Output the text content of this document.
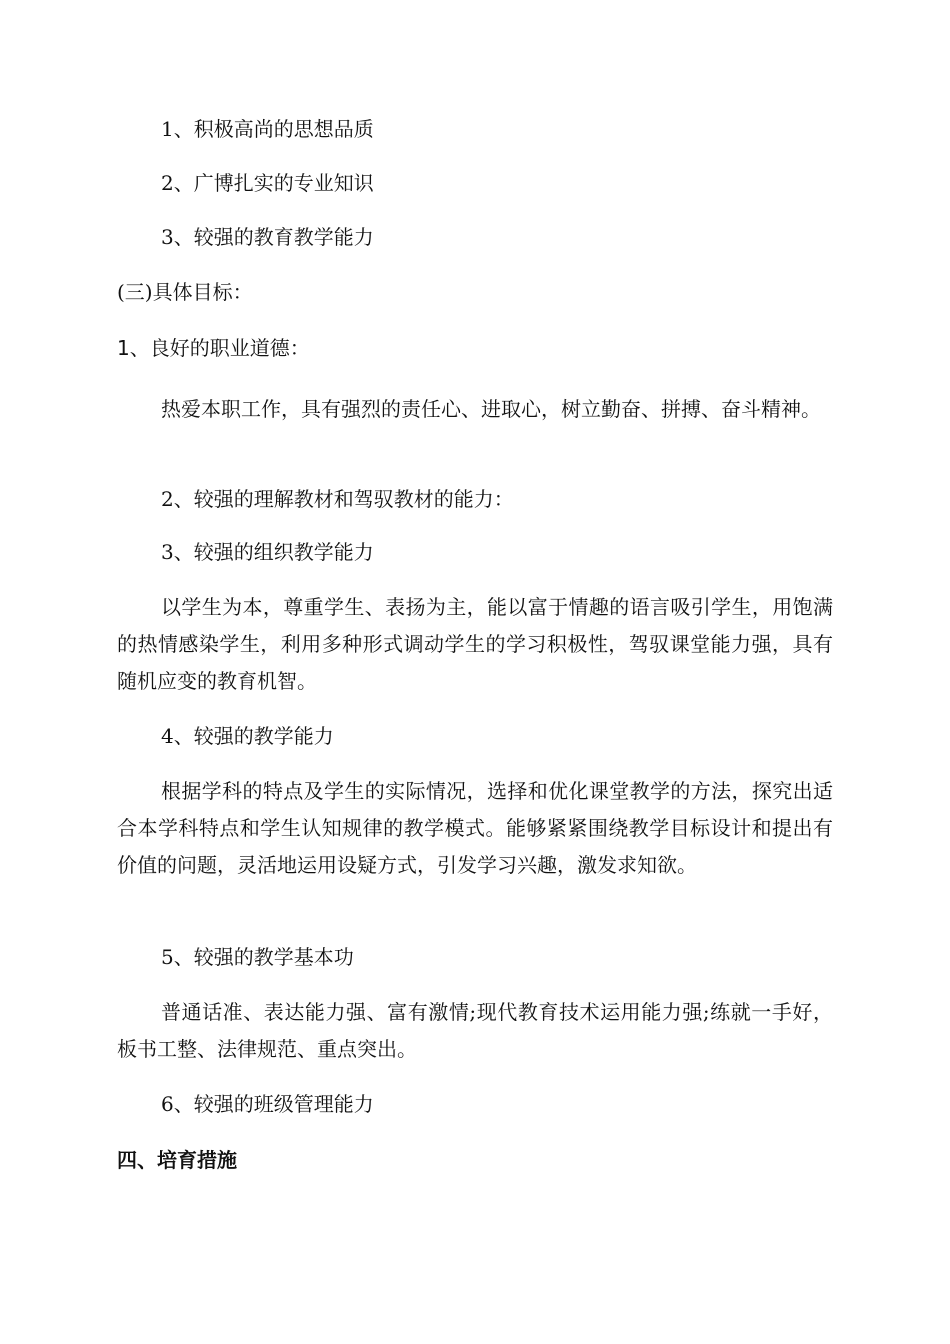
1、积极高尚的思想品质
2、广博扎实的专业知识
3、较强的教育教学能力
(三)具体目标：
1、良好的职业道德：
热爱本职工作，具有强烈的责任心、进取心，树立勤奋、拼搏、奋斗精神。
2、较强的理解教材和驾驭教材的能力：
3、较强的组织教学能力
以学生为本，尊重学生、表扬为主，能以富于情趣的语言吸引学生，用饱满的热情感染学生，利用多种形式调动学生的学习积极性，驾驭课堂能力强，具有随机应变的教育机智。
4、较强的教学能力
根据学科的特点及学生的实际情况，选择和优化课堂教学的方法，探究出适合本学科特点和学生认知规律的教学模式。能够紧紧围绕教学目标设计和提出有价值的问题，灵活地运用设疑方式，引发学习兴趣，激发求知欲。
5、较强的教学基本功
普通话准、表达能力强、富有激情;现代教育技术运用能力强;练就一手好，板书工整、法律规范、重点突出。
6、较强的班级管理能力
四、培育措施
